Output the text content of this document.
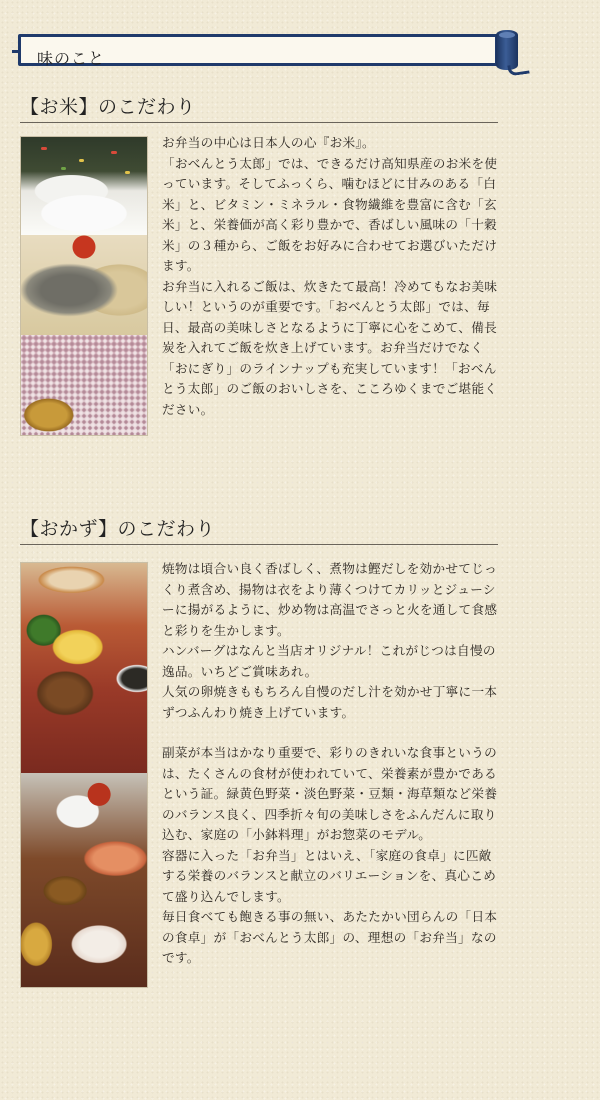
味のこと
【お米】のこだわり

お弁当の中心は日本人の心『お米』。

「おべんとう太郎」では、できるだけ高知県産のお米を使っています。そしてふっくら、噛むほどに甘みのある「白米」と、ビタミン・ミネラル・食物繊維を豊富に含む「玄米」と、栄養価が高く彩り豊かで、香ばしい風味の「十穀米」の３種から、ご飯をお好みに合わせてお選びいただけます。

お弁当に入れるご飯は、炊きたて最高！冷めてもなお美味しい！というのが重要です。「おべんとう太郎」では、毎日、最高の美味しさとなるように丁寧に心をこめて、備長炭を入れてご飯を炊き上げています。お弁当だけでなく「おにぎり」のラインナップも充実しています！「おべんとう太郎」のご飯のおいしさを、こころゆくまでご堪能ください。

【おかず】のこだわり

焼物は頃合い良く香ばしく、煮物は鰹だしを効かせてじっくり煮含め、揚物は衣をより薄くつけてカリッとジューシーに揚がるように、炒め物は高温でさっと火を通して食感と彩りを生かします。

ハンバーグはなんと当店オリジナル！これがじつは自慢の逸品。いちどご賞味あれ。

人気の卵焼きももちろん自慢のだし汁を効かせ丁寧に一本ずつふんわり焼き上げています。

副菜が本当はかなり重要で、彩りのきれいな食事というのは、たくさんの食材が使われていて、栄養素が豊かであるという証。緑黄色野菜・淡色野菜・豆類・海草類など栄養のバランス良く、四季折々旬の美味しさをふんだんに取り込む、家庭の「小鉢料理」がお惣菜のモデル。

容器に入った「お弁当」とはいえ、「家庭の食卓」に匹敵する栄養のバランスと献立のバリエーションを、真心こめて盛り込んでします。

毎日食べても飽きる事の無い、あたたかい団らんの「日本の食卓」が「おべんとう太郎」の、理想の「お弁当」なのです。
